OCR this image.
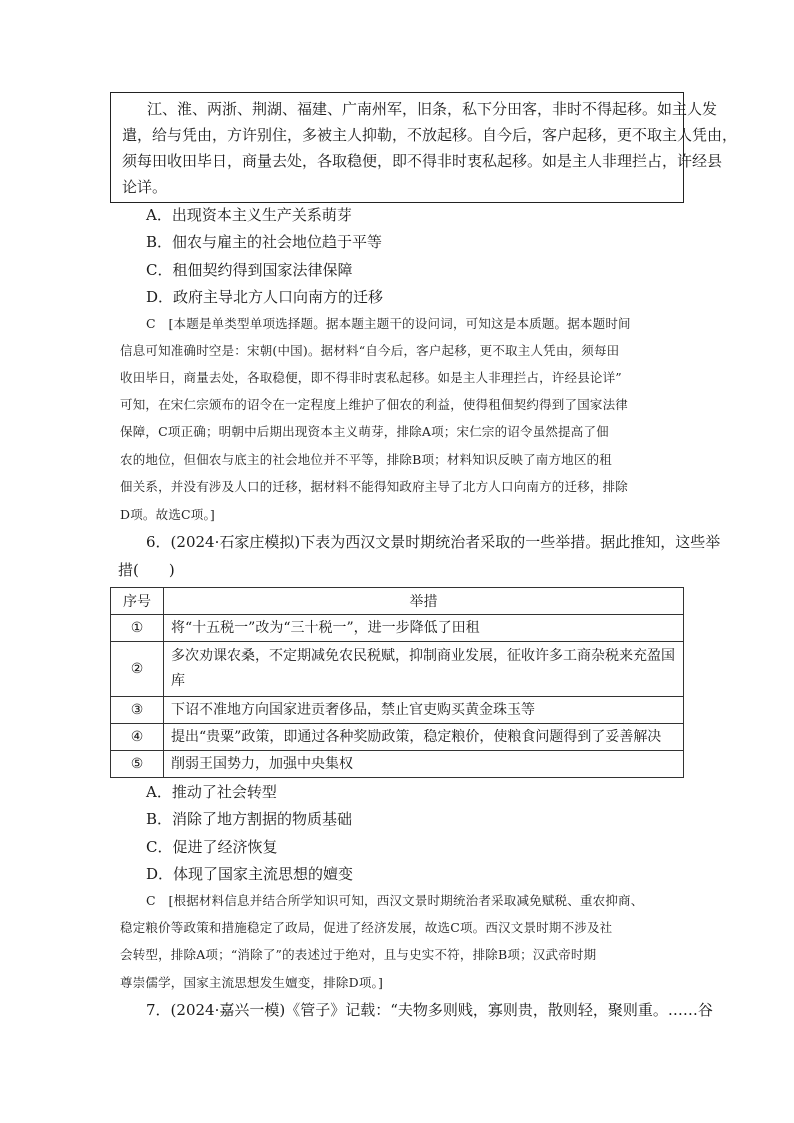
江、淮、两浙、荆湖、福建、广南州军，旧条，私下分田客，非时不得起移。如主人发
遣，给与凭由，方许别住，多被主人抑勒，不放起移。自今后，客户起移，更不取主人凭由，
须每田收田毕日，商量去处，各取稳便，即不得非时衷私起移。如是主人非理拦占，许经县
论详。
A．出现资本主义生产关系萌芽
B．佃农与雇主的社会地位趋于平等
C．租佃契约得到国家法律保障
D．政府主导北方人口向南方的迁移
C　[本题是单类型单项选择题。据本题主题干的设问词，可知这是本质题。据本题时间
信息可知准确时空是：宋朝(中国)。据材料“自今后，客户起移，更不取主人凭由，须每田
收田毕日，商量去处，各取稳便，即不得非时衷私起移。如是主人非理拦占，许经县论详”
可知，在宋仁宗颁布的诏令在一定程度上维护了佃农的利益，使得租佃契约得到了国家法律
保障，C项正确；明朝中后期出现资本主义萌芽，排除A项；宋仁宗的诏令虽然提高了佃
农的地位，但佃农与底主的社会地位并不平等，排除B项；材料知识反映了南方地区的租
佃关系，并没有涉及人口的迁移，据材料不能得知政府主导了北方人口向南方的迁移，排除
D项。故选C项。]
6．(2024·石家庄模拟)下表为西汉文景时期统治者采取的一些举措。据此推知，这些举
措(　　)
序号	举措
①	将“十五税一”改为“三十税一”，进一步降低了田租
②	多次劝课农桑，不定期减免农民税赋，抑制商业发展，征收许多工商杂税来充盈国
库

③	下诏不准地方向国家进贡奢侈品，禁止官吏购买黄金珠玉等
④	提出“贵粟”政策，即通过各种奖励政策，稳定粮价，使粮食问题得到了妥善解决
⑤	削弱王国势力，加强中央集权
A．推动了社会转型
B．消除了地方割据的物质基础
C．促进了经济恢复
D．体现了国家主流思想的嬗变
C　[根据材料信息并结合所学知识可知，西汉文景时期统治者采取减免赋税、重农抑商、
稳定粮价等政策和措施稳定了政局，促进了经济发展，故选C项。西汉文景时期不涉及社
会转型，排除A项；“消除了”的表述过于绝对，且与史实不符，排除B项；汉武帝时期
尊崇儒学，国家主流思想发生嬗变，排除D项。]
7．(2024·嘉兴一模)《管子》记载：“夫物多则贱，寡则贵，散则轻，聚则重。……谷
